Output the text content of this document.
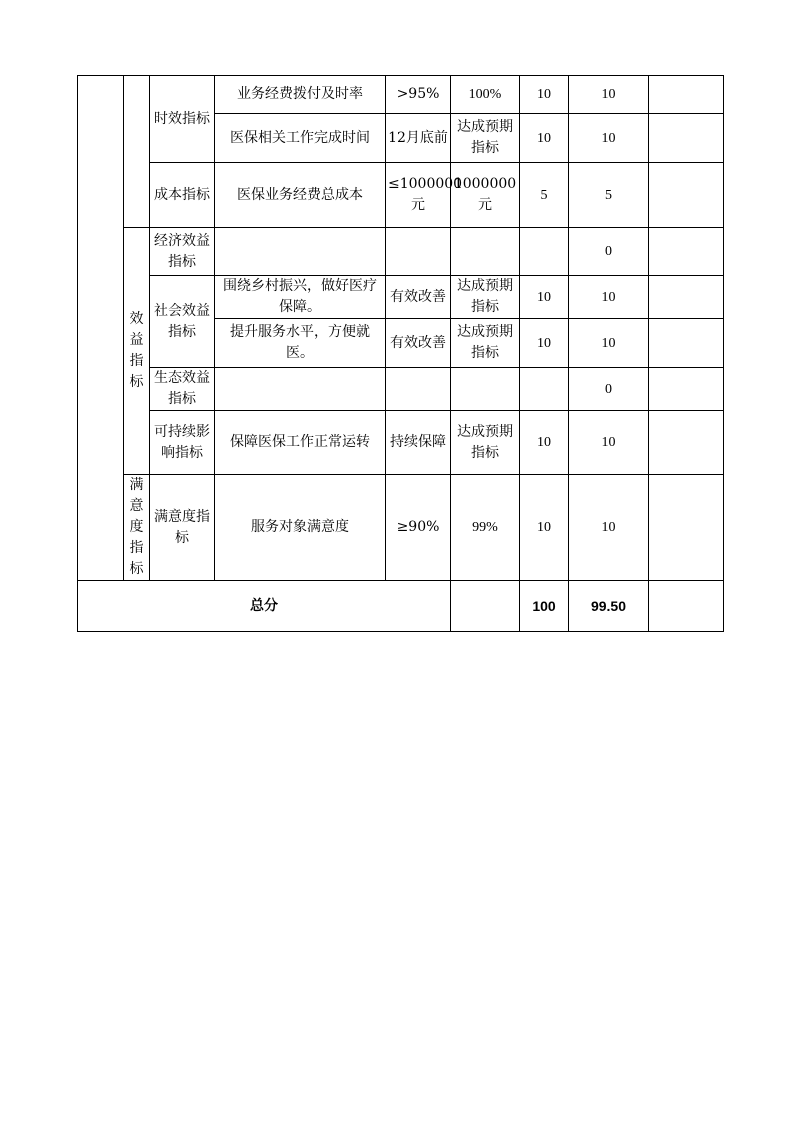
		时效指标	业务经费拨付及时率	>95%	100%	10	10	
			医保相关工作完成时间	12月底前	达成预期指标	10	10	
		成本指标	医保业务经费总成本	≤1000000元	1000000元	5	5	
	效益指标	经济效益指标					0	
		社会效益指标	围绕乡村振兴，做好医疗保障。	有效改善	达成预期指标	10	10	
			提升服务水平，方便就医。	有效改善	达成预期指标	10	10	
		生态效益指标					0	
		可持续影响指标	保障医保工作正常运转	持续保障	达成预期指标	10	10	
	满意度指标	满意度指标	服务对象满意度	≥90%	99%	10	10	
总分						100	99.50	
